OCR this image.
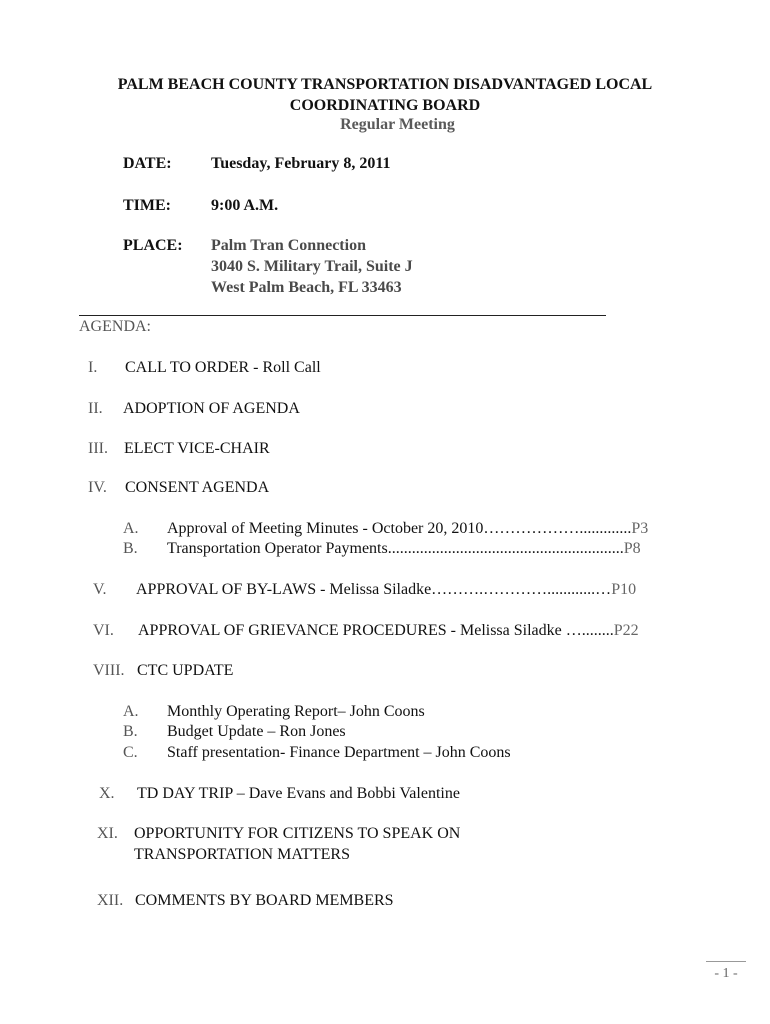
PALM BEACH COUNTY TRANSPORTATION DISADVANTAGED LOCAL
COORDINATING BOARD
Regular Meeting
DATE: Tuesday, February 8, 2011
TIME:	9:00 A.M.
PLACE: Palm Tran Connection
3040 S. Military Trail, Suite J
West Palm Beach, FL 33463
AGENDA:
I. CALL TO ORDER - Roll Call
II. ADOPTION OF AGENDA
III. ELECT VICE-CHAIR
IV. CONSENT AGENDA
A. Approval of Meeting Minutes - October 20, 2010……………….............P3
B. Transportation Operator Payments...........................................................P8
V. APPROVAL OF BY-LAWS - Melissa Siladke……….…………............…P10
VI. APPROVAL OF GRIEVANCE PROCEDURES - Melissa Siladke …........P22
VIII. CTC UPDATE
A. Monthly Operating Report– John Coons
B. Budget Update – Ron Jones
C. Staff presentation- Finance Department – John Coons
X. TD DAY TRIP – Dave Evans and Bobbi Valentine
XI. OPPORTUNITY FOR CITIZENS TO SPEAK ON
TRANSPORTATION MATTERS
XII. COMMENTS BY BOARD MEMBERS
- 1 -
